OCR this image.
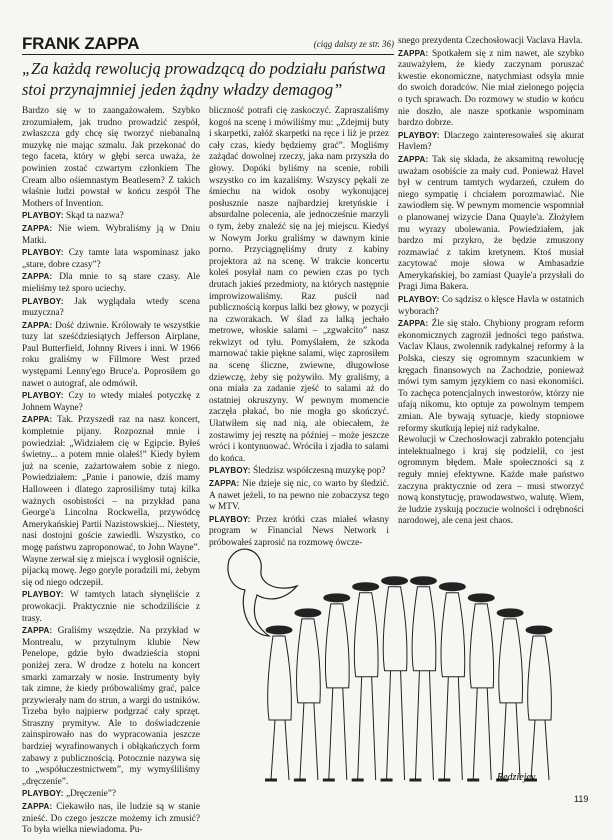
FRANK ZAPPA	(ciąg dalszy ze str. 36)
„Za każdą rewolucją prowadzącą do podziału państwa stoi przynajmniej jeden żądny władzy demagog”

Bardzo się w to zaangażowałem. Szybko zrozumiałem, jak trudno prowadzić zespół, zwłaszcza gdy chcę się tworzyć niebanalną muzykę nie mając szmalu. Jak przekonać do tego faceta, który w głębi serca uważa, że powinien zostać czwartym członkiem The Cream albo ośiemnastym Beatlesem? Z takich właśnie ludzi powstał w końcu zespół The Mothers of Invention.

PLAYBOY: Skąd ta nazwa?

ZAPPA: Nie wiem. Wybraliśmy ją w Dniu Matki.

PLAYBOY: Czy tamte lata wspominasz jako „stare, dobre czasy”?

ZAPPA: Dla mnie to są stare czasy. Ale mieliśmy też sporo uciechy.

PLAYBOY: Jak wyglądała wtedy scena muzyczna?

ZAPPA: Dość dziwnie. Królowały te wszystkie tuzy lat sześćdziesiątych Jefferson Airplane, Paul Butterfield, Johnny Rivers i inni. W 1966 roku graliśmy w Fillmore West przed występami Lenny'ego Bruce'a. Poprosiłem go nawet o autograf, ale odmówił.

PLAYBOY: Czy to wtedy miałeś potyczkę z Johnem Wayne?

ZAPPA: Tak. Przyszedł raz na nasz koncert, kompletnie pijany. Rozpoznał mnie i powiedział: „Widziałem cię w Egipcie. Byłeś świetny... a potem mnie olałeś!” Kiedy byłem już na scenie, zażartowałem sobie z niego. Powiedziałem: „Panie i panowie, dziś mamy Halloween i dlatego zaprosiliśmy tutaj kilka ważnych osobistości – na przykład pana George'a Lincolna Rockwella, przywódcę Amerykańskiej Partii Nazistowskiej... Niestety, nasi dostojni goście zawiedli. Wszystko, co mogę państwu zaproponować, to John Wayne”. Wayne zerwał się z miejsca i wygłosił ogniście, pijacką mowę. Jego goryle poradzili mi, żebym się od niego odczepił.

PLAYBOY: W tamtych latach słynęliście z prowokacji. Praktycznie nie schodziliście z trasy.

ZAPPA: Graliśmy wszędzie. Na przykład w Montrealu, w przytulnym klubie New Penelope, gdzie było dwadzieścia stopni poniżej zera. W drodze z hotelu na koncert smarki zamarzały w nosie. Instrumenty były tak zimne, że kiedy próbowaliśmy grać, palce przywierały nam do strun, a wargi do ustników. Trzeba było najpierw podgrzać cały sprzęt. Straszny prymityw. Ale to doświadczenie zainspirowało nas do wypracowania jeszcze bardziej wyrafinowanych i obłąkańczych form zabawy z publicznością. Potocznie nazywa się to „współuczestnictwem”, my wymyśliliśmy „dręczenie”.

PLAYBOY: „Dręczenie”?

ZAPPA: Ciekawiło nas, ile ludzie są w stanie znieść. Do czego jeszcze możemy ich zmusić? To była wielka niewiadoma. Pu-

bliczność potrafi cię zaskoczyć. Zapraszaliśmy kogoś na scenę i mówiliśmy mu: „Zdejmij buty i skarpetki, załóż skarpetki na ręce i liż je przez cały czas, kiedy będziemy grać”. Mogliśmy zażądać dowolnej rzeczy, jaka nam przyszła do głowy. Dopóki byliśmy na scenie, robili wszystko co im kazaliśmy. Wszyscy pękali ze śmiechu na widok osoby wykonującej posłusznie nasze najbardziej kretyńskie i absurdalne polecenia, ale jednocześnie marzyli o tym, żeby znaleźć się na jej miejscu. Kiedyś w Nowym Jorku graliśmy w dawnym kinie porno. Przyciągnęliśmy druty z kabiny projektora aż na scenę. W trakcie koncertu koleś posyłał nam co pewien czas po tych drutach jakieś przedmioty, na których następnie improwizowaliśmy. Raz puścił nad publicznością korpus lalki bez głowy, w pozycji na czworakach. W ślad za lalką jechało metrowe, włoskie salami – „zgwałcito” nasz rekwizyt od tyłu. Pomyślałem, że szkoda marnować takie piękne salami, więc zaprosiłem na scenę śliczne, zwiewne, długowłose dziewczę, żeby się pożywiło. My graliśmy, a ona miała za zadanie zjeść to salami aż do ostatniej okruszyny. W pewnym momencie zaczęła płakać, bo nie mogła go skończyć. Ułatwiłem się nad nią, ale obiecałem, że zostawimy jej resztę na później – może jeszcze wróci i kontynuować. Wróciła i zjadła to salami do końca.

PLAYBOY: Śledzisz współczesną muzykę pop?

ZAPPA: Nie dzieje się nic, co warto by śledzić. A nawet jeżeli, to na pewno nie zobaczysz tego w MTV.

PLAYBOY: Przez krótki czas miałeś własny program w Financial News Network i próbowałeś zaprosić na rozmowę ówcze-

snego prezydenta Czechosłowacji Vaclava Havla.

ZAPPA: Spotkałem się z nim nawet, ale szybko zauważyłem, że kiedy zaczynam poruszać kwestie ekonomiczne, natychmiast odsyła mnie do swoich doradców. Nie miał zielonego pojęcia o tych sprawach. Do rozmowy w studio w końcu nie doszło, ale nasze spotkanie wspominam bardzo dobrze.

PLAYBOY: Dlaczego zainteresowałeś się akurat Havlem?

ZAPPA: Tak się składa, że aksamitną rewolucję uważam osobiście za mały cud. Ponieważ Havel był w centrum tamtych wydarzeń, czułem do niego sympatię i chciałem porozmawiać. Nie zawiodłem się. W pewnym momencie wspomniał o planowanej wizycie Dana Quayle'a. Złożyłem mu wyrazy ubolewania. Powiedziałem, jak bardzo mi przykro, że będzie zmuszony rozmawiać z takim kretynem. Ktoś musiał zacytować moje słowa w Ambasadzie Amerykańskiej, bo zamiast Quayle'a przysłali do Pragi Jima Bakera.

PLAYBOY: Co sądzisz o klęsce Havla w ostatnich wyborach?

ZAPPA: Źle się stało. Chybiony program reform ekonomicznych zagroził jedności tego państwa. Vaclav Klaus, zwolennik radykalnej reformy à la Polska, cieszy się ogromnym szacunkiem w kręgach finansowych na Zachodzie, ponieważ mówi tym samym językiem co nasi ekonomiści. To zachęca potencjalnych inwestorów, którzy nie ufają nikomu, kto optuje za powolnym tempem zmian. Ale bywają sytuacje, kiedy stopniowe reformy skutkują lepiej niż radykalne.

Rewolucji w Czechosłowacji zabrakło potencjału intelektualnego i kraj się podzielił, co jest ogromnym błędem. Małe społeczności są z reguły mniej efektywne. Każde małe państwo zaczyna praktycznie od zera – musi stworzyć nową konstytucję, prawodawstwo, walutę. Wiem, że ludzie zyskują poczucie wolności i odrębności narodowej, ale cena jest chaos.

Redziejev
119
